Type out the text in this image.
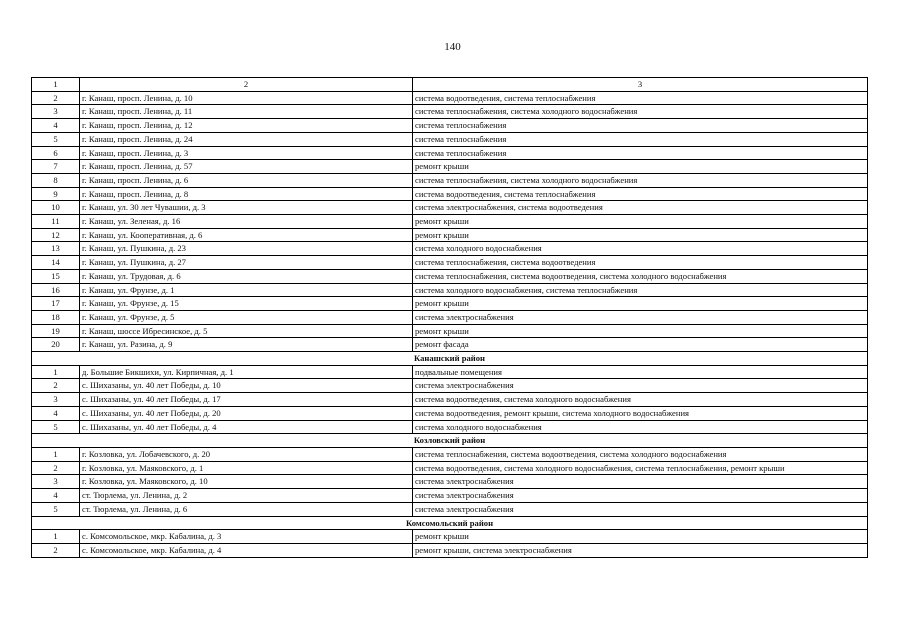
140
1	2	3
2	г. Канаш, просп. Ленина, д. 10	система водоотведения, система теплоснабжения
3	г. Канаш, просп. Ленина, д. 11	система теплоснабжения, система холодного водоснабжения
4	г. Канаш, просп. Ленина, д. 12	система теплоснабжения
5	г. Канаш, просп. Ленина, д. 24	система теплоснабжения
6	г. Канаш, просп. Ленина, д. 3	система теплоснабжения
7	г. Канаш, просп. Ленина, д. 57	ремонт крыши
8	г. Канаш, просп. Ленина, д. 6	система теплоснабжения, система холодного водоснабжения
9	г. Канаш, просп. Ленина, д. 8	система водоотведения, система теплоснабжения
10	г. Канаш, ул. 30 лет Чувашии, д. 3	система электроснабжения, система водоотведения
11	г. Канаш, ул. Зеленая, д. 16	ремонт крыши
12	г. Канаш, ул. Кооперативная, д. 6	ремонт крыши
13	г. Канаш, ул. Пушкина, д. 23	система холодного водоснабжения
14	г. Канаш, ул. Пушкина, д. 27	система теплоснабжения, система водоотведения
15	г. Канаш, ул. Трудовая, д. 6	система теплоснабжения, система водоотведения, система холодного водоснабжения
16	г. Канаш, ул. Фрунзе, д. 1	система холодного водоснабжения, система теплоснабжения
17	г. Канаш, ул. Фрунзе, д. 15	ремонт крыши
18	г. Канаш, ул. Фрунзе, д. 5	система электроснабжения
19	г. Канаш, шоссе Ибресинское, д. 5	ремонт крыши
20	г. Канаш, ул. Разина, д. 9	ремонт фасада
Канашский район		
1	д. Большие Бикшихи, ул. Кирпичная, д. 1	подвальные помещения
2	с. Шихазаны, ул. 40 лет Победы, д. 10	система электроснабжения
3	с. Шихазаны, ул. 40 лет Победы, д. 17	система водоотведения, система холодного водоснабжения
4	с. Шихазаны, ул. 40 лет Победы, д. 20	система водоотведения, ремонт крыши, система холодного водоснабжения
5	с. Шихазаны, ул. 40 лет Победы, д. 4	система холодного водоснабжения
Козловский район		
1	г. Козловка, ул. Лобачевского, д. 20	система теплоснабжения, система водоотведения, система холодного водоснабжения
2	г. Козловка, ул. Маяковского, д. 1	система водоотведения, система холодного водоснабжения, система теплоснабжения, ремонт крыши
3	г. Козловка, ул. Маяковского, д. 10	система электроснабжения
4	ст. Тюрлема, ул. Ленина, д. 2	система электроснабжения
5	ст. Тюрлема, ул. Ленина, д. 6	система электроснабжения
Комсомольский район		
1	с. Комсомольское, мкр. Кабалина, д. 3	ремонт крыши
2	с. Комсомольское, мкр. Кабалина, д. 4	ремонт крыши, система электроснабжения
